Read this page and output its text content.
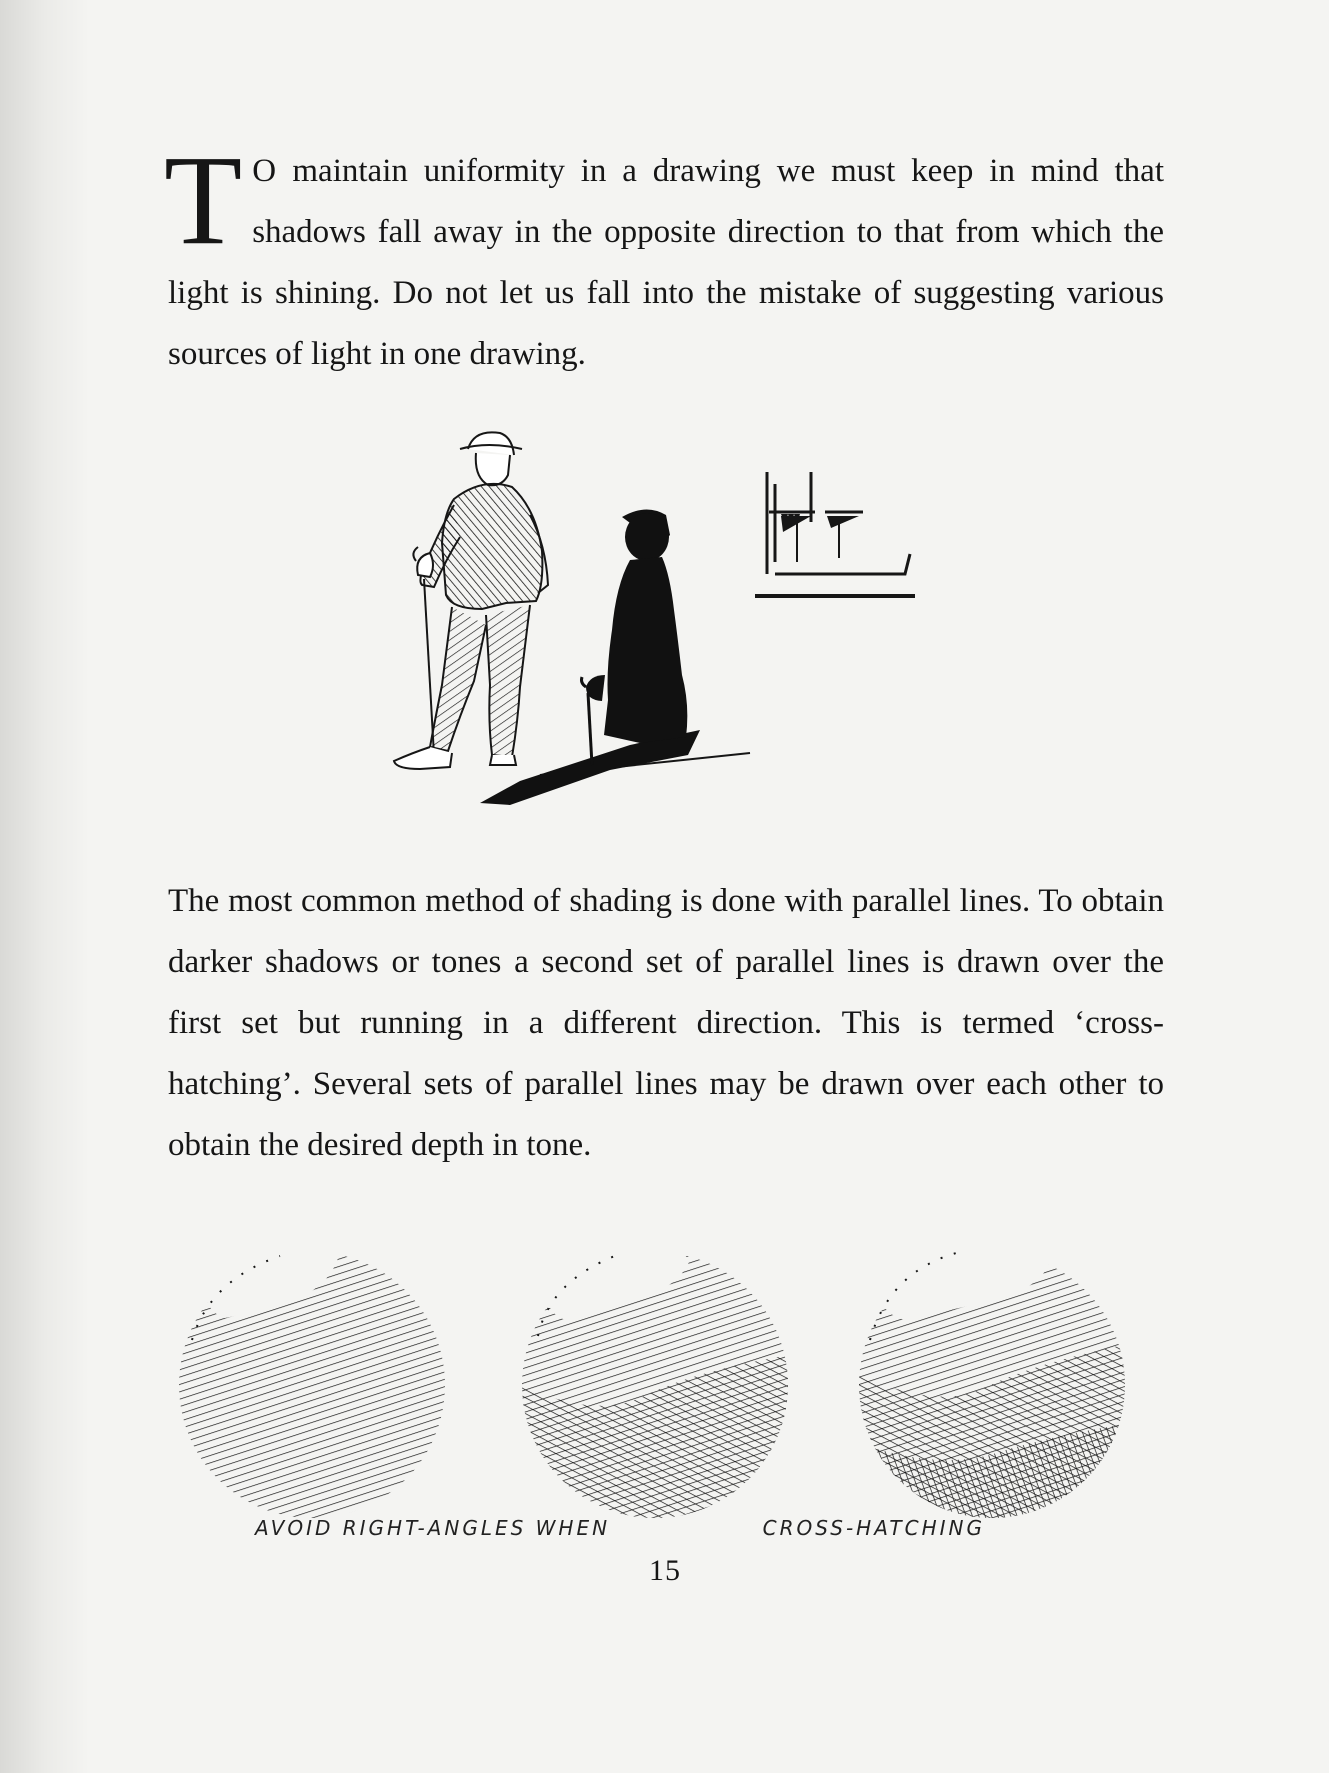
T O maintain uniformity in a drawing we must keep in mind that shadows fall away in the opposite direction to that from which the light is shining. Do not let us fall into the mistake of suggesting various sources of light in one drawing.

The most common method of shading is done with parallel lines. To obtain darker shadows or tones a second set of parallel lines is drawn over the first set but running in a different direction. This is termed ‘cross-hatching’. Several sets of parallel lines may be drawn over each other to obtain the desired depth in tone.

AVOID RIGHT-ANGLES WHEN	CROSS-HATCHING
15
